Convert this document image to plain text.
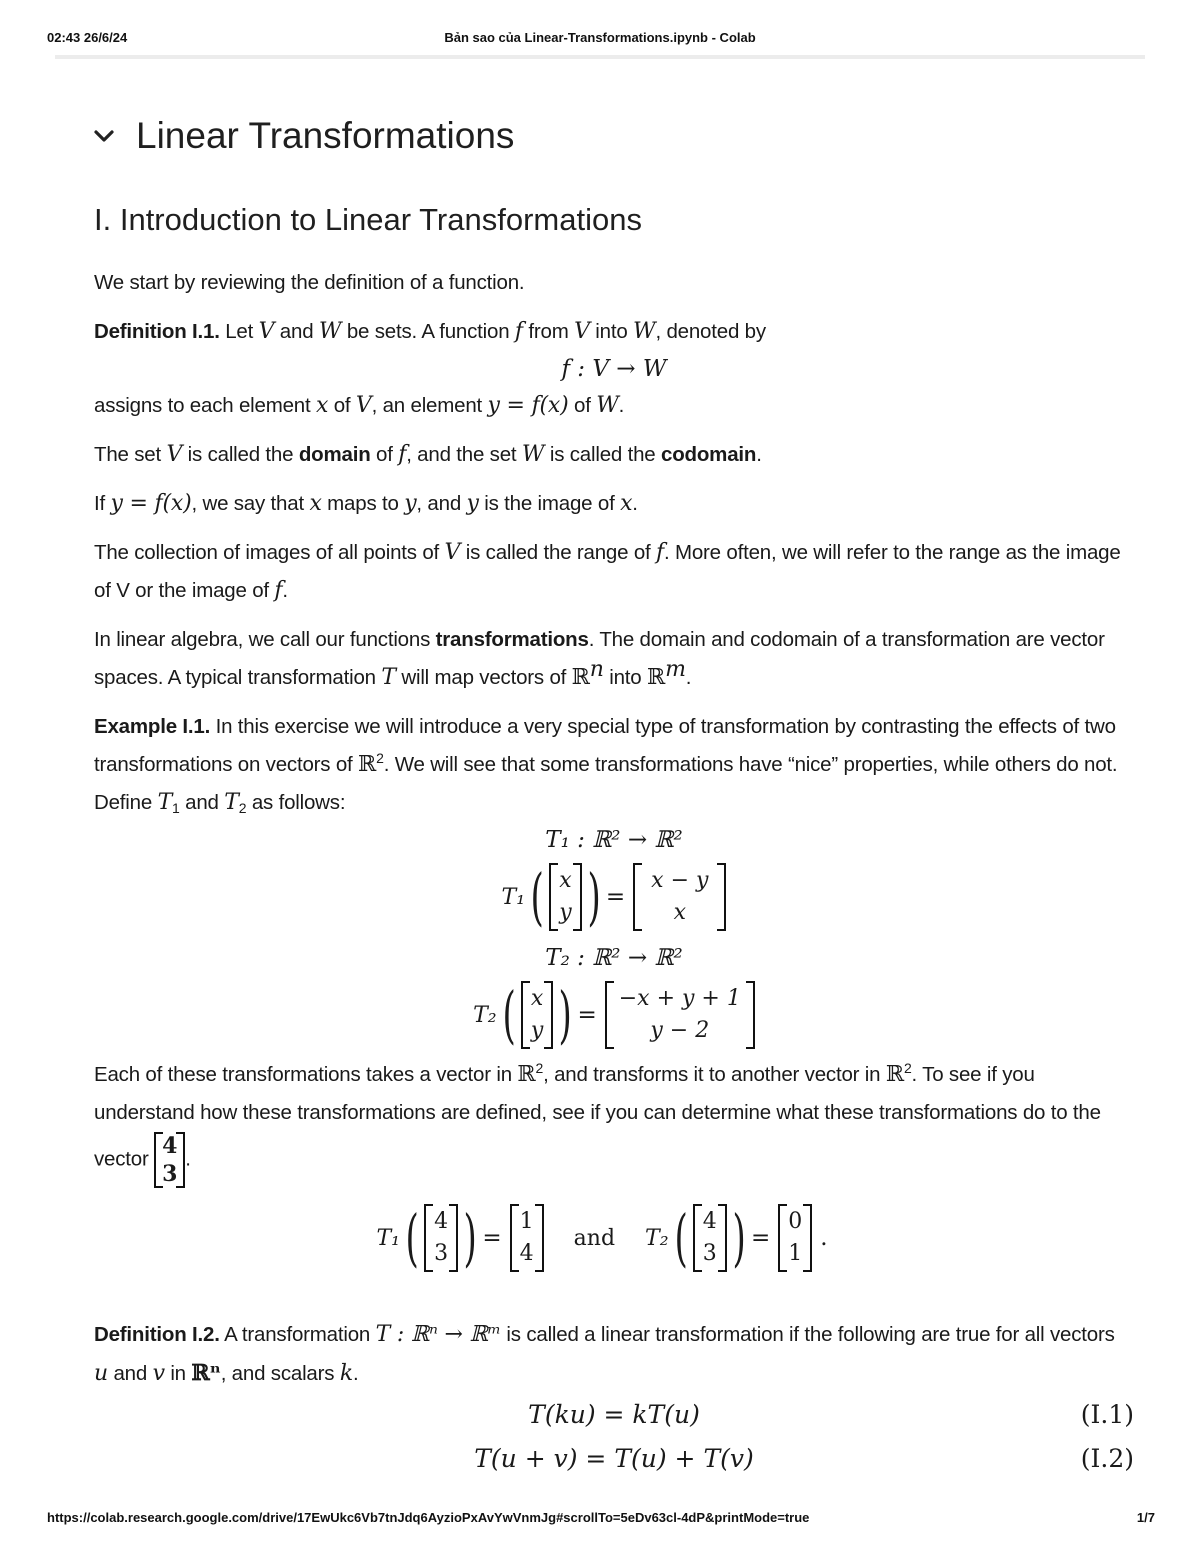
02:43 26/6/24	Bản sao của Linear-Transformations.ipynb - Colab
Linear Transformations
I. Introduction to Linear Transformations

We start by reviewing the definition of a function.

Definition I.1. Let V and W be sets. A function f from V into W, denoted by

f : V → W

assigns to each element x of V, an element y = f(x) of W.

The set V is called the domain of f, and the set W is called the codomain.

If y = f(x), we say that x maps to y, and y is the image of x.

The collection of images of all points of V is called the range of f. More often, we will refer to the range as the image of V or the image of f.

In linear algebra, we call our functions transformations. The domain and codomain of a transformation are vector spaces. A typical transformation T will map vectors of ℝ$^n$ into ℝ$^m$.

Example I.1. In this exercise we will introduce a very special type of transformation by contrasting the effects of two transformations on vectors of ℝ$^2$. We will see that some transformations have “nice” properties, while others do not. Define $T_1$ and $T_2$ as follows:

T₁ : ℝ² → ℝ²
T₁ ( x
y ) =
x − y
x
T₂ : ℝ² → ℝ²
T₂ ( x
y ) =
−x + y + 1
y − 2

Each of these transformations takes a vector in ℝ$^2$, and transforms it to another vector in ℝ$^2$. To see if you understand how these transformations are defined, see if you can determine what these transformations do to the vector 4
3
.

T₁ ( 4
3 ) =
1
4
and T₂ ( 4
3 ) =
0
1
.

Definition I.2. A transformation T : ℝⁿ → ℝᵐ is called a linear transformation if the following are true for all vectors u and v in ℝⁿ, and scalars k.

T(ku) = kT(u)	(I.1)
T(u + v) = T(u) + T(v)	(I.2)
https://colab.research.google.com/drive/17EwUkc6Vb7tnJdq6AyzioPxAvYwVnmJg#scrollTo=5eDv63cl-4dP&printMode=true	1/7
